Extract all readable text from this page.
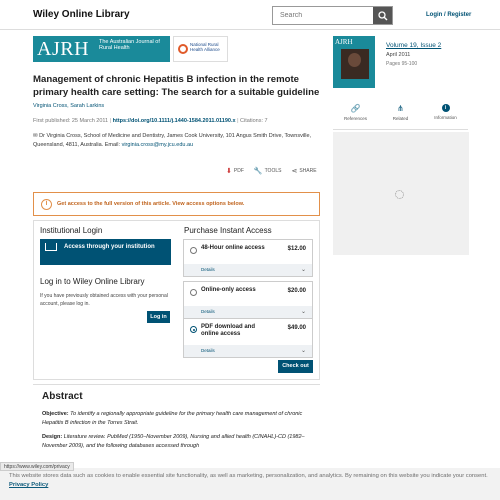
Wiley Online Library
Search	Login / Register
AJRH The Australian Journal of Rural Health
National Rural Health Alliance
Management of chronic Hepatitis B infection in the remote primary health care setting: The search for a suitable guideline
Virginia Cross, Sarah Larkins
First published: 25 March 2011 | https://doi.org/10.1111/j.1440-1584.2011.01190.x | Citations: 7
✉ Dr Virginia Cross, School of Medicine and Dentistry, James Cook University, 101 Angus Smith Drive, Townsville, Queensland, 4811, Australia. Email: virginia.cross@my.jcu.edu.au
⬇ PDF 🔧 TOOLS ⋖ SHARE
i	Get access to the full version of this article. View access options below.
Institutional Login
Access through your institution
Log in to Wiley Online Library
If you have previously obtained access with your personal account, please log in.
Log in
Purchase Instant Access
48-Hour online access	$12.00
Details	⌄
Online-only access	$20.00
Details	⌄
PDF download and online access
$49.00
Details	⌄
Check out
Abstract

Objective: To identify a regionally appropriate guideline for the primary health care management of chronic Hepatitis B infection in the Torres Strait.

Design: Literature review. PubMed (1950–November 2009), Nursing and allied health (CINAHL)-CD (1982–November 2009), and the following databases accessed through

AJRH	Volume 19, Issue 2
April 2011
Pages 95-100
🔗
References
⋔
Related
i
Information
This website stores data such as cookies to enable essential site functionality, as well as marketing, personalization, and analytics. By remaining on this website you indicate your consent. Privacy Policy
https://www.wiley.com/privacy
